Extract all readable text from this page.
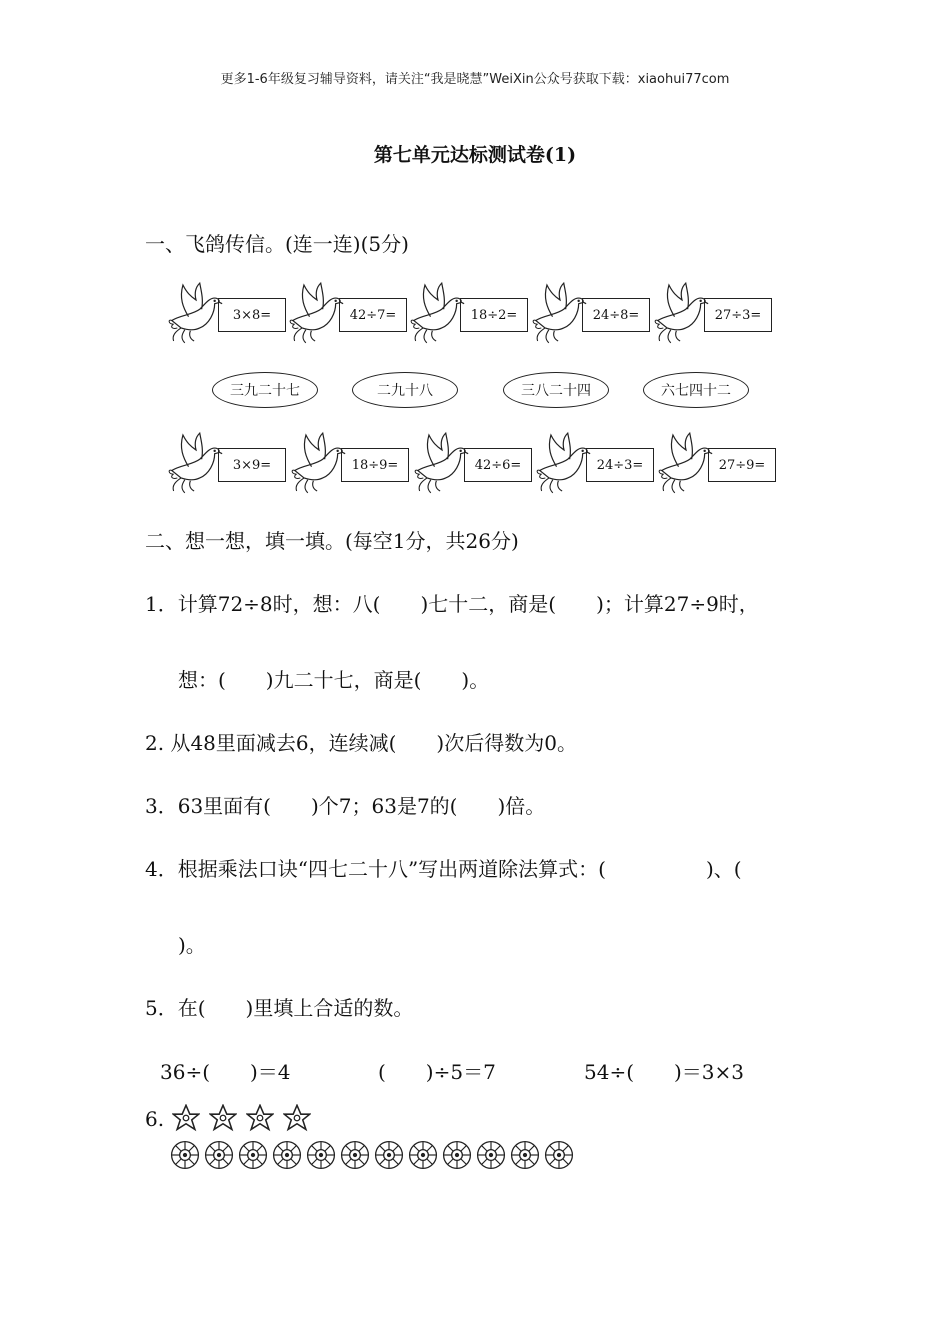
更多1-6年级复习辅导资料，请关注“我是晓慧”WeiXin公众号获取下载：xiaohui77com
第七单元达标测试卷(1)
一、飞鸽传信。(连一连)(5分)
3×8=	42÷7=	18÷2=	24÷8=	27÷3=
三九二十七	二九十八	三八二十四	六七四十二
3×9=	18÷9=	42÷6=	24÷3=	27÷9=
二、想一想，填一填。(每空1分，共26分)
1．计算72÷8时，想：八(　　)七十二，商是(　　)；计算27÷9时，
想：(　　)九二十七，商是(　　)。
2. 从48里面减去6，连续减(　　)次后得数为0。
3．63里面有(　　)个7；63是7的(　　)倍。
4．根据乘法口诀“四七二十八”写出两道除法算式：(　　　　　)、(
)。
5．在(　　)里填上合适的数。
36÷(　　)＝4	(　　)÷5＝7	54÷(　　)＝3×3
6.
